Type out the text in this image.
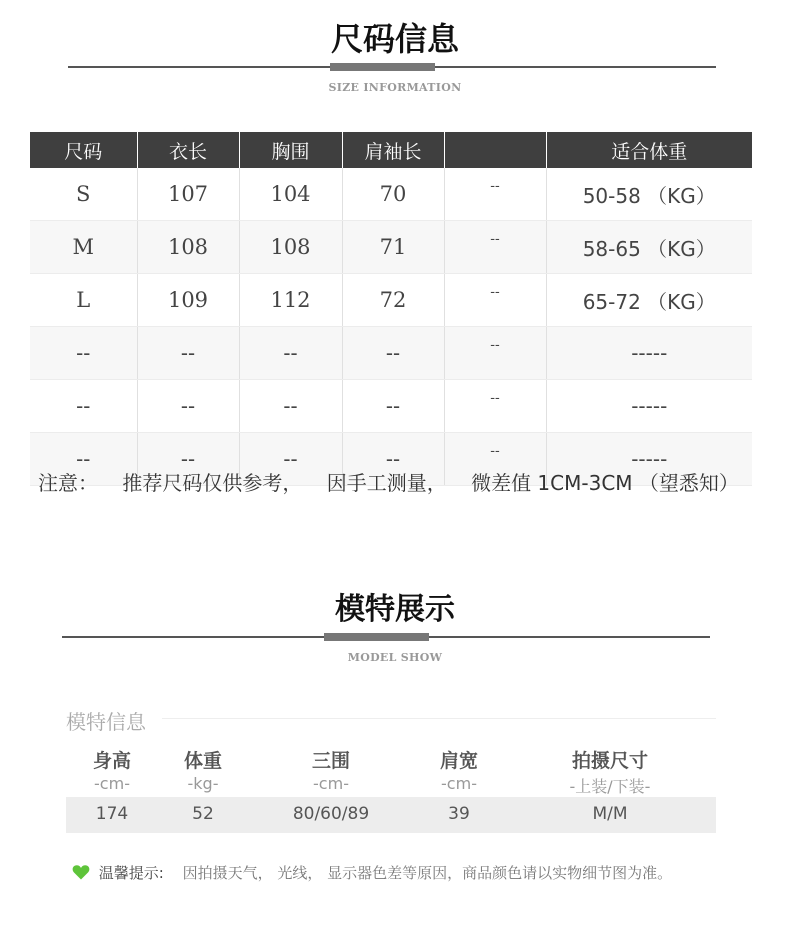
尺码信息
SIZE INFORMATION
尺码	衣长	胸围	肩袖长		适合体重
S	107	104	70	--	50-58 （KG）
M	108	108	71	--	58-65 （KG）
L	109	112	72	--	65-72 （KG）
--	--	--	--	--	-----
--	--	--	--	--	-----
--	--	--	--	--	-----
注意： 推荐尺码仅供参考， 因手工测量， 微差值 1CM-3CM （望悉知）
模特展示
MODEL SHOW
模特信息
身高	体重	三围	肩宽	拍摄尺寸
-cm-	-kg-	-cm-	-cm-	-上装/下装-
174	52	80/60/89	39	M/M
温馨提示: 因拍摄天气， 光线， 显示器色差等原因，商品颜色请以实物细节图为准。
